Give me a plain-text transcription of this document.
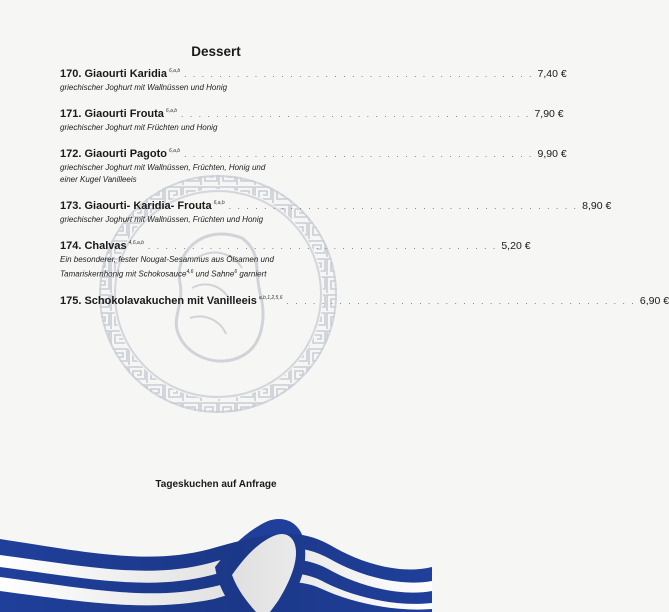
Dessert
170. Giaourti Karidia $^{6,a,b}$ . . . . . . . . . . . . . . . . . . . . . . . . . . . . . . . . . . . . . . . . 7,40 €
griechischer Joghurt mit Wallnüssen und Honig
171. Giaourti Frouta $^{6,a,b}$ . . . . . . . . . . . . . . . . . . . . . . . . . . . . . . . . . . . . . . . . 7,90 €
griechischer Joghurt mit Früchten und Honig
172. Giaourti Pagoto $^{6,a,b}$ . . . . . . . . . . . . . . . . . . . . . . . . . . . . . . . . . . . . . . . . 9,90 €
griechischer Joghurt mit Wallnüssen, Früchten, Honig und
einer Kugel Vanilleeis
173. Giaourti- Karidia- Frouta $^{6,a,b}$ . . . . . . . . . . . . . . . . . . . . . . . . . . . . . . . . . . . . . . . . 8,90 €
griechischer Joghurt mit Wallnüssen, Früchten und Honig
174. Chalvas $^{4,6,a,b}$ . . . . . . . . . . . . . . . . . . . . . . . . . . . . . . . . . . . . . . . . 5,20 €
Ein besonderer, fester Nougat-Sesammus aus Ölsamen und
Tamariskernhonig mit Schokosauce$^{4,6}$ und Sahne$^6$ garniert
175. Schokolavakuchen mit Vanilleeis $^{a,b,1,2,5,6}$ . . . . . . . . . . . . . . . . . . . . . . . . . . . . . . . . . . . . . . . . 6,90 €
Tageskuchen auf Anfrage
